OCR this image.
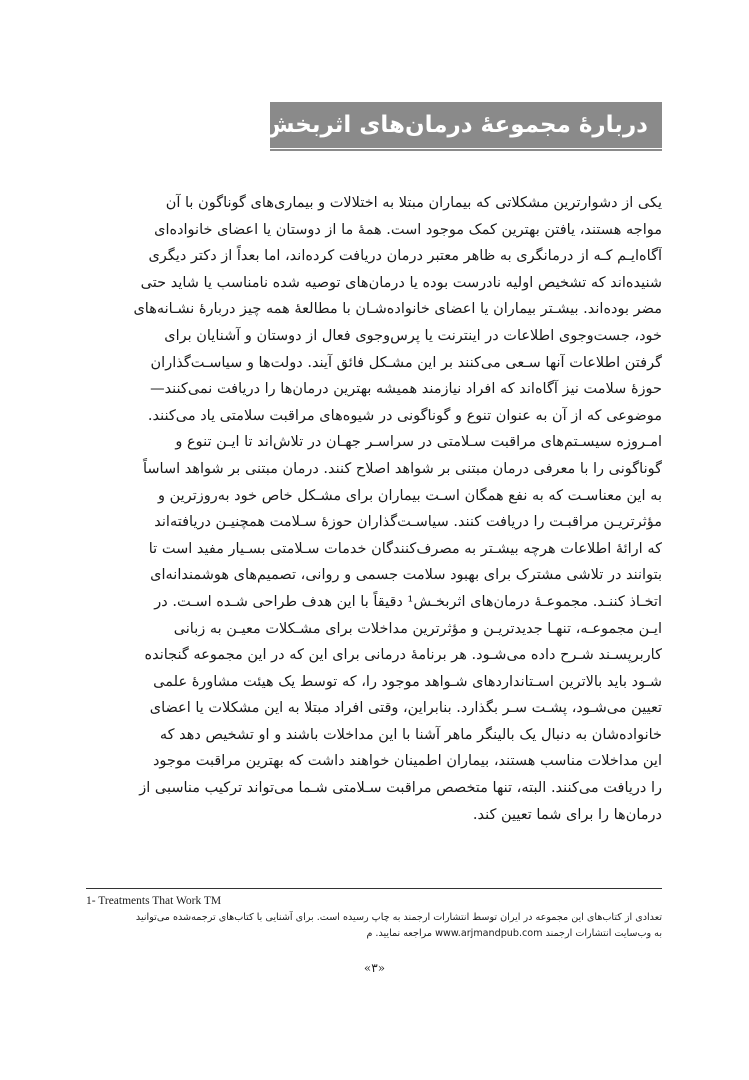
دربارهٔ مجموعهٔ درمان‌های اثربخش
یکی از دشوارترین مشکلاتی که بیماران مبتلا به اختلالات و بیماری‌های گوناگون با آن
مواجه هستند، یافتن بهترین کمک موجود است. همهٔ ما از دوستان یا اعضای خانواده‌ای
آگاه‌ایـم کـه از درمانگری به ظاهر معتبر درمان دریافت کرده‌اند، اما بعداً از دکتر دیگری
شنیده‌اند که تشخیص اولیه نادرست بوده یا درمان‌های توصیه شده نامناسب یا شاید حتی
مضر بوده‌اند. بیشـتر بیماران یا اعضای خانواده‌شـان با مطالعهٔ همه چیز دربارهٔ نشـانه‌های
خود، جست‌وجوی اطلاعات در اینترنت یا پرس‌وجوی فعال از دوستان و آشنایان برای
گرفتن اطلاعات آنها سـعی می‌کنند بر این مشـکل فائق آیند. دولت‌ها و سیاسـت‌گذاران
حوزهٔ سلامت نیز آگاه‌اند که افراد نیازمند همیشه بهترین درمان‌ها را دریافت نمی‌کنند—
موضوعی که از آن به عنوان تنوع و گوناگونی در شیوه‌های مراقبت سلامتی یاد می‌کنند.
امـروزه سیسـتم‌های مراقبت سـلامتی در سراسـر جهـان در تلاش‌اند تا ایـن تنوع و
گوناگونی را با معرفی درمان مبتنی بر شواهد اصلاح کنند. درمان مبتنی بر شواهد اساساً
به این معناسـت که به نفع همگان اسـت بیماران برای مشـکل خاص خود به‌روزترین و
مؤثرتریـن مراقبـت را دریافت کنند. سیاسـت‌گذاران حوزهٔ سـلامت همچنیـن دریافته‌اند
که ارائهٔ اطلاعات هرچه بیشـتر به مصرف‌کنندگان خدمات سـلامتی بسـیار مفید است تا
بتوانند در تلاشی مشترک برای بهبود سلامت جسمی و روانی، تصمیم‌های هوشمندانه‌ای
اتخـاذ کننـد. مجموعـهٔ درمان‌های اثربخـش¹ دقیقاً با این هدف طراحی شـده اسـت. در
ایـن مجموعـه، تنهـا جدیدتریـن و مؤثرترین مداخلات برای مشـکلات معیـن به زبانی
کاربرپسـند شـرح داده می‌شـود. هر برنامهٔ درمانی برای این که در این مجموعه گنجانده
شـود باید بالاترین اسـتانداردهای شـواهد موجود را، که توسط یک هیئت مشاورهٔ علمی
تعیین می‌شـود، پشـت سـر بگذارد. بنابراین، وقتی افراد مبتلا به این مشکلات یا اعضای
خانواده‌شان به دنبال یک بالینگر ماهر آشنا با این مداخلات باشند و او تشخیص دهد که
این مداخلات مناسب هستند، بیماران اطمینان خواهند داشت که بهترین مراقبت موجود
را دریافت می‌کنند. البته، تنها متخصص مراقبت سـلامتی شـما می‌تواند ترکیب مناسبی از
درمان‌ها را برای شما تعیین کند.
1- Treatments That Work TM
تعدادی از کتاب‌های این مجموعه در ایران توسط انتشارات ارجمند به چاپ رسیده است. برای آشنایی با کتاب‌های ترجمه‌شده می‌توانید
به وب‌سایت انتشارات ارجمند www.arjmandpub.com مراجعه نمایید. م
«۳»
